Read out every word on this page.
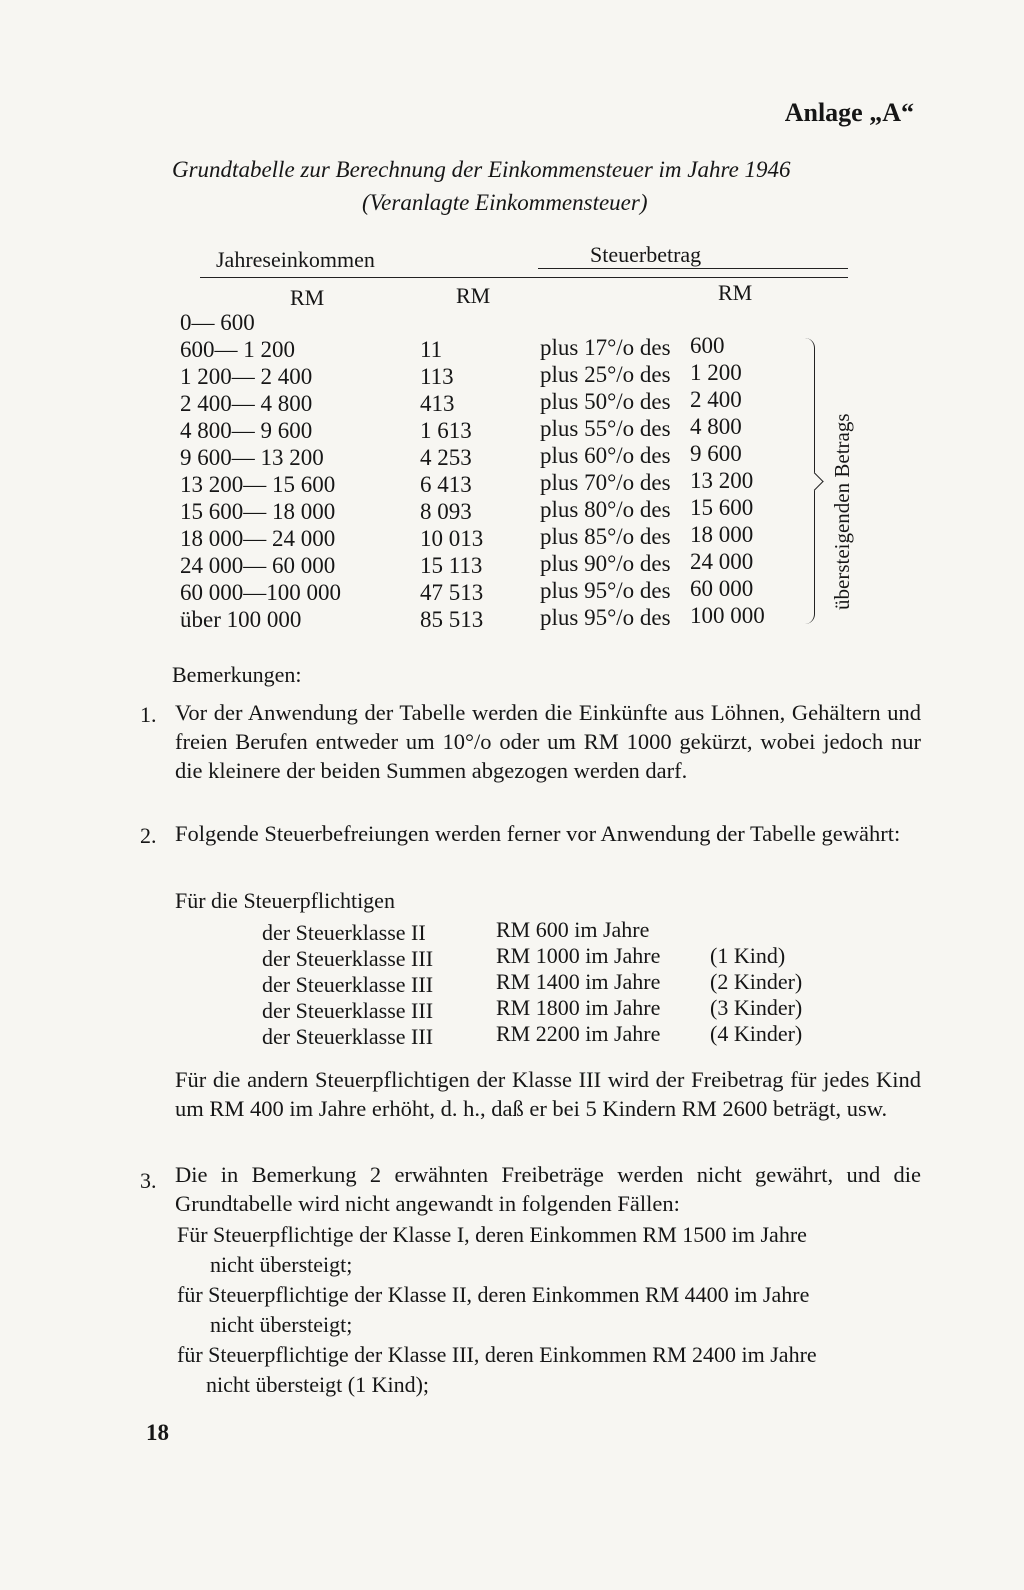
Anlage „A“
Grundtabelle zur Berechnung der Einkommensteuer im Jahre 1946
(Veranlagte Einkommensteuer)
Jahreseinkommen	Steuerbetrag
RM	RM	RM
0— 600
600— 1 200	11	plus 17°/o des 600
1 200— 2 400	113	plus 25°/o des 1 200
2 400— 4 800	413	plus 50°/o des 2 400
4 800— 9 600	1 613	plus 55°/o des 4 800
9 600— 13 200	4 253	plus 60°/o des 9 600
13 200— 15 600	6 413	plus 70°/o des 13 200
15 600— 18 000	8 093	plus 80°/o des 15 600
18 000— 24 000	10 013	plus 85°/o des 18 000
24 000— 60 000	15 113	plus 90°/o des 24 000
60 000—100 000	47 513	plus 95°/o des 60 000
über 100 000	85 513	plus 95°/o des 100 000
übersteigenden Betrags
Bemerkungen:
1. Vor der Anwendung der Tabelle werden die Einkünfte aus Löhnen, Gehältern und freien Berufen entweder um 10°/o oder um RM 1000 gekürzt, wobei jedoch nur die kleinere der beiden Summen abgezogen werden darf.
2. Folgende Steuerbefreiungen werden ferner vor Anwendung der Tabelle gewährt:
Für die Steuerpflichtigen
der Steuerklasse II	RM 600 im Jahre
der Steuerklasse III	RM 1000 im Jahre (1 Kind)
der Steuerklasse III	RM 1400 im Jahre (2 Kinder)
der Steuerklasse III	RM 1800 im Jahre (3 Kinder)
der Steuerklasse III	RM 2200 im Jahre (4 Kinder)
Für die andern Steuerpflichtigen der Klasse III wird der Freibetrag für jedes Kind um RM 400 im Jahre erhöht, d. h., daß er bei 5 Kindern RM 2600 beträgt, usw.
3. Die in Bemerkung 2 erwähnten Freibeträge werden nicht gewährt, und die Grundtabelle wird nicht angewandt in folgenden Fällen:
Für Steuerpflichtige der Klasse I, deren Einkommen RM 1500 im Jahre
nicht übersteigt;
für Steuerpflichtige der Klasse II, deren Einkommen RM 4400 im Jahre
nicht übersteigt;
für Steuerpflichtige der Klasse III, deren Einkommen RM 2400 im Jahre
nicht übersteigt (1 Kind);
18
